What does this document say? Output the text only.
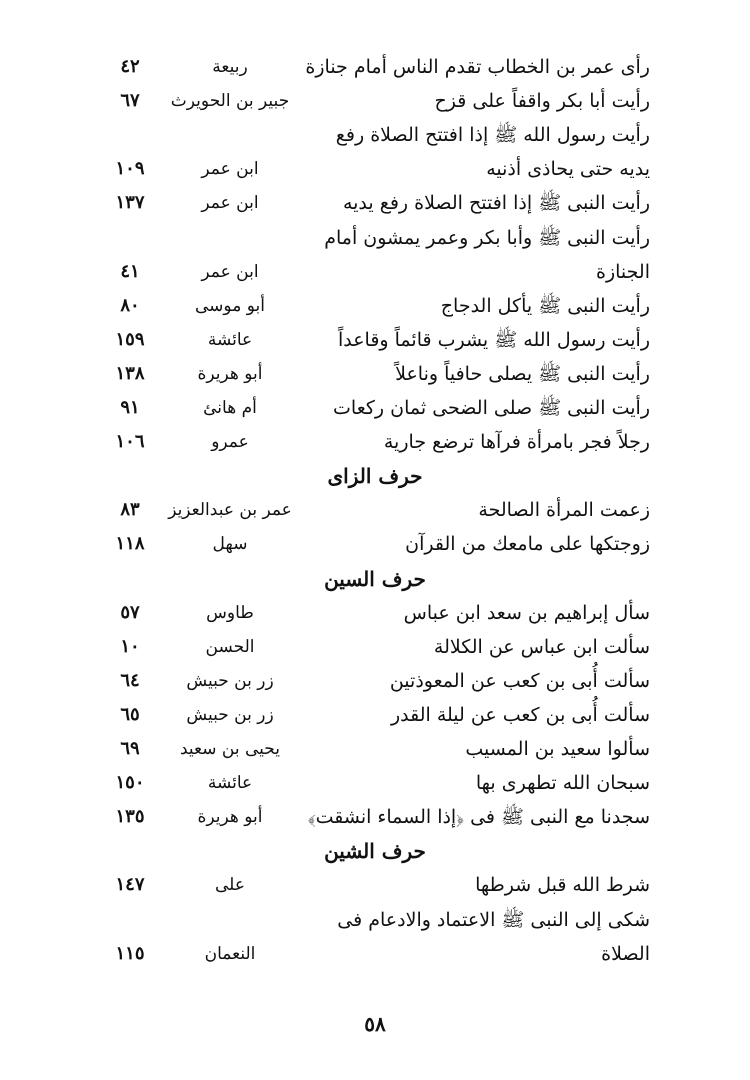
رأى عمر بن الخطاب تقدم الناس أمام جنازة
ربيعة
٤٢
رأيت أبا بكر واقفاً على قزح
جبير بن الحويرث
٦٧
رأيت رسول الله ﷺ إذا افتتح الصلاة رفع
يديه حتى يحاذى أذنيه
ابن عمر
١٠٩
رأيت النبى ﷺ إذا افتتح الصلاة رفع يديه
ابن عمر
١٣٧
رأيت النبى ﷺ وأبا بكر وعمر يمشون أمام
الجنازة
ابن عمر
٤١
رأيت النبى ﷺ يأكل الدجاج
أبو موسى
٨٠
رأيت رسول الله ﷺ يشرب قائماً وقاعداً
عائشة
١٥٩
رأيت النبى ﷺ يصلى حافياً وناعلاً
أبو هريرة
١٣٨
رأيت النبى ﷺ صلى الضحى ثمان ركعات
أم هانئ
٩١
رجلاً فجر بامرأة فرآها ترضع جارية
عمرو
١٠٦
حرف الزاى
زعمت المرأة الصالحة
عمر بن عبدالعزيز
٨٣
زوجتكها على مامعك من القرآن
سهل
١١٨
حرف السين
سأل إبراهيم بن سعد ابن عباس
طاوس
٥٧
سألت ابن عباس عن الكلالة
الحسن
١٠
سألت أُبى بن كعب عن المعوذتين
زر بن حبيش
٦٤
سألت أُبى بن كعب عن ليلة القدر
زر بن حبيش
٦٥
سألوا سعيد بن المسيب
يحيى بن سعيد
٦٩
سبحان الله تطهرى بها
عائشة
١٥٠
سجدنا مع النبى ﷺ فى ﴿إذا السماء انشقت﴾
أبو هريرة
١٣٥
حرف الشين
شرط الله قبل شرطها
على
١٤٧
شكى إلى النبى ﷺ الاعتماد والادعام فى
الصلاة
النعمان
١١٥
٥٨
